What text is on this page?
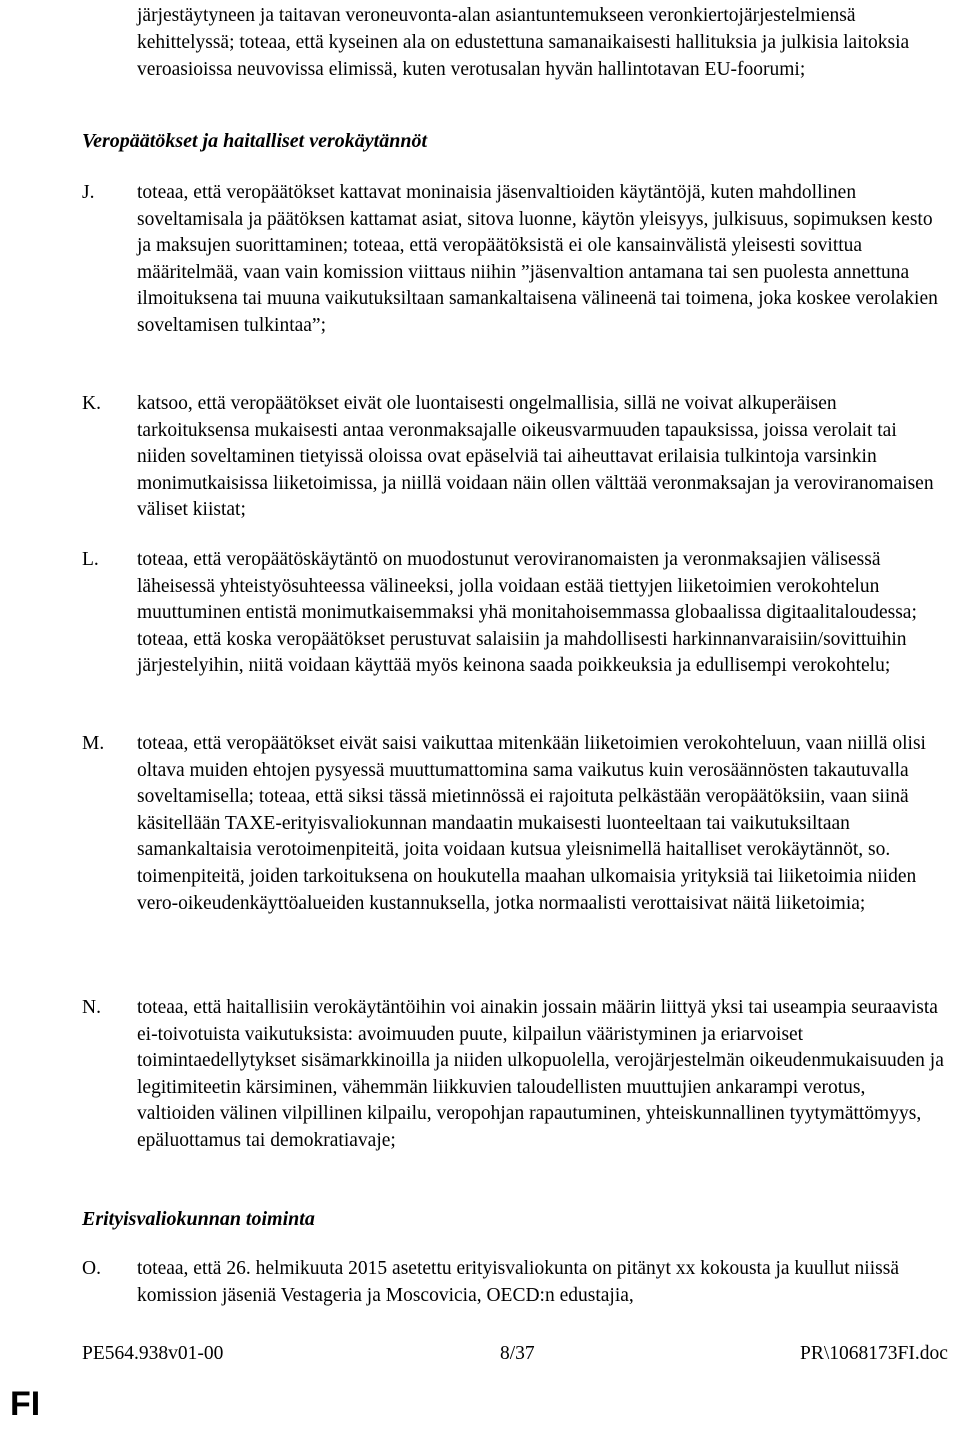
järjestäytyneen ja taitavan veroneuvonta-alan asiantuntemukseen veronkiertojärjestelmiensä kehittelyssä; toteaa, että kyseinen ala on edustettuna samanaikaisesti hallituksia ja julkisia laitoksia veroasioissa neuvovissa elimissä, kuten verotusalan hyvän hallintotavan EU-foorumi;
Veropäätökset ja haitalliset verokäytännöt
J.	toteaa, että veropäätökset kattavat moninaisia jäsenvaltioiden käytäntöjä, kuten mahdollinen soveltamisala ja päätöksen kattamat asiat, sitova luonne, käytön yleisyys, julkisuus, sopimuksen kesto ja maksujen suorittaminen; toteaa, että veropäätöksistä ei ole kansainvälistä yleisesti sovittua määritelmää, vaan vain komission viittaus niihin ”jäsenvaltion antamana tai sen puolesta annettuna ilmoituksena tai muuna vaikutuksiltaan samankaltaisena välineenä tai toimena, joka koskee verolakien soveltamisen tulkintaa”;
K.	katsoo, että veropäätökset eivät ole luontaisesti ongelmallisia, sillä ne voivat alkuperäisen tarkoituksensa mukaisesti antaa veronmaksajalle oikeusvarmuuden tapauksissa, joissa verolait tai niiden soveltaminen tietyissä oloissa ovat epäselviä tai aiheuttavat erilaisia tulkintoja varsinkin monimutkaisissa liiketoimissa, ja niillä voidaan näin ollen välttää veronmaksajan ja veroviranomaisen väliset kiistat;
L.	toteaa, että veropäätöskäytäntö on muodostunut veroviranomaisten ja veronmaksajien välisessä läheisessä yhteistyösuhteessa välineeksi, jolla voidaan estää tiettyjen liiketoimien verokohtelun muuttuminen entistä monimutkaisemmaksi yhä monitahoisemmassa globaalissa digitaalitaloudessa; toteaa, että koska veropäätökset perustuvat salaisiin ja mahdollisesti harkinnanvaraisiin/sovittuihin järjestelyihin, niitä voidaan käyttää myös keinona saada poikkeuksia ja edullisempi verokohtelu;
M.	toteaa, että veropäätökset eivät saisi vaikuttaa mitenkään liiketoimien verokohteluun, vaan niillä olisi oltava muiden ehtojen pysyessä muuttumattomina sama vaikutus kuin verosäännösten takautuvalla soveltamisella; toteaa, että siksi tässä mietinnössä ei rajoituta pelkästään veropäätöksiin, vaan siinä käsitellään TAXE-erityisvaliokunnan mandaatin mukaisesti luonteeltaan tai vaikutuksiltaan samankaltaisia verotoimenpiteitä, joita voidaan kutsua yleisnimellä haitalliset verokäytännöt, so. toimenpiteitä, joiden tarkoituksena on houkutella maahan ulkomaisia yrityksiä tai liiketoimia niiden vero-oikeudenkäyttöalueiden kustannuksella, jotka normaalisti verottaisivat näitä liiketoimia;
N.	toteaa, että haitallisiin verokäytäntöihin voi ainakin jossain määrin liittyä yksi tai useampia seuraavista ei-toivotuista vaikutuksista: avoimuuden puute, kilpailun vääristyminen ja eriarvoiset toimintaedellytykset sisämarkkinoilla ja niiden ulkopuolella, verojärjestelmän oikeudenmukaisuuden ja legitimiteetin kärsiminen, vähemmän liikkuvien taloudellisten muuttujien ankarampi verotus, valtioiden välinen vilpillinen kilpailu, veropohjan rapautuminen, yhteiskunnallinen tyytymättömyys, epäluottamus tai demokratiavaje;
Erityisvaliokunnan toiminta
O.	toteaa, että 26. helmikuuta 2015 asetettu erityisvaliokunta on pitänyt xx kokousta ja kuullut niissä komission jäseniä Vestageria ja Moscovicia, OECD:n edustajia,
PE564.938v01-00	8/37	PR\1068173FI.doc
FI
